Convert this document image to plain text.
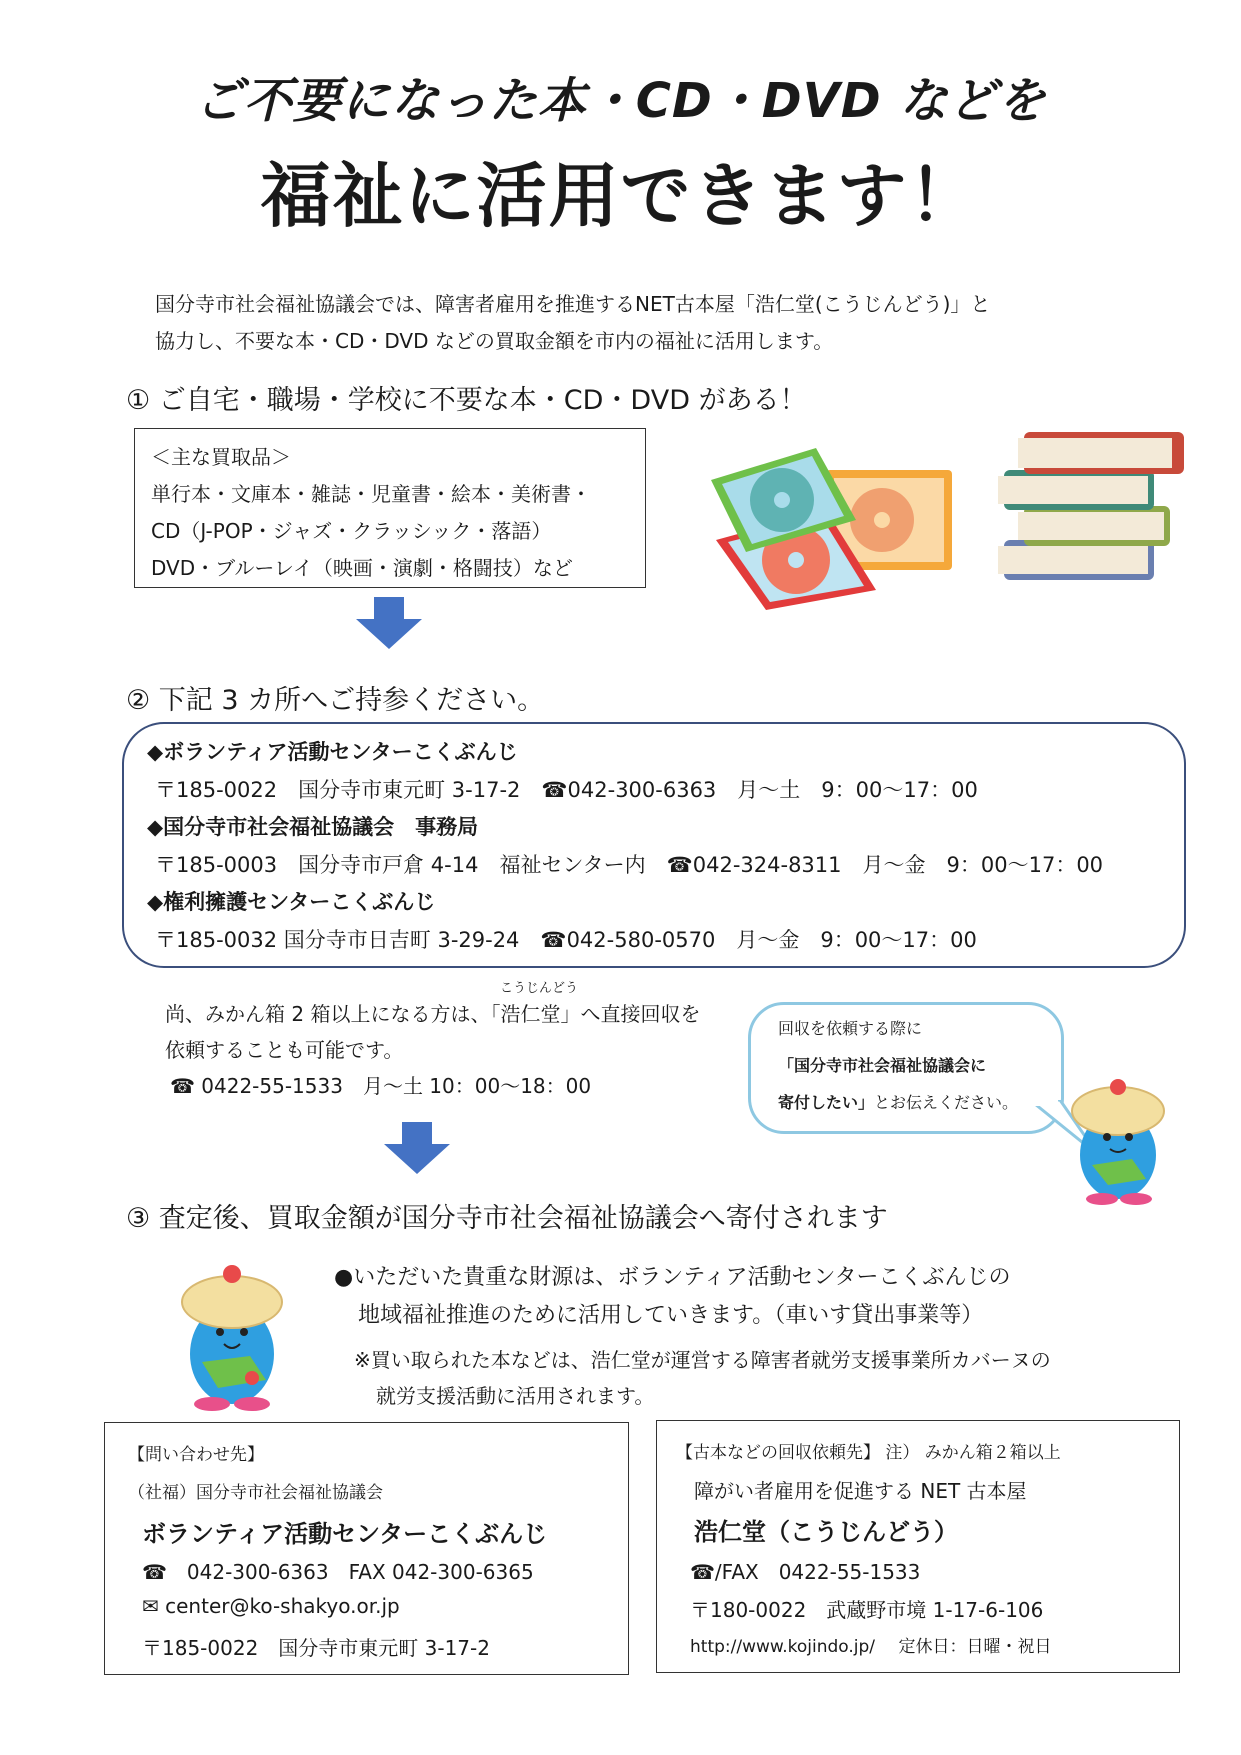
ご不要になった本・CD・DVD などを
福祉に活用できます！
国分寺市社会福祉協議会では、障害者雇用を推進するNET古本屋「浩仁堂(こうじんどう)」と
協力し、不要な本・CD・DVD などの買取金額を市内の福祉に活用します。
① ご自宅・職場・学校に不要な本・CD・DVD がある！
＜主な買取品＞
単行本・文庫本・雑誌・児童書・絵本・美術書・
CD（J-POP・ジャズ・クラッシック・落語）
DVD・ブルーレイ（映画・演劇・格闘技）など
② 下記 3 カ所へご持参ください。
◆ボランティア活動センターこくぶんじ
〒185-0022　国分寺市東元町 3-17-2　☎042-300-6363　月～土　9：00～17：00
◆国分寺市社会福祉協議会　事務局
〒185-0003　国分寺市戸倉 4-14　福祉センター内　☎042-324-8311　月～金　9：00～17：00
◆権利擁護センターこくぶんじ
〒185-0032 国分寺市日吉町 3-29-24　☎042-580-0570　月～金　9：00～17：00
こうじんどう
尚、みかん箱 2 箱以上になる方は、「浩仁堂」へ直接回収を
依頼することも可能です。
☎ 0422-55-1533　月～土 10：00～18：00
回収を依頼する際に
「国分寺市社会福祉協議会に
寄付したい」とお伝えください。
③ 査定後、買取金額が国分寺市社会福祉協議会へ寄付されます
●いただいた貴重な財源は、ボランティア活動センターこくぶんじの
地域福祉推進のために活用していきます。（車いす貸出事業等）
※買い取られた本などは、浩仁堂が運営する障害者就労支援事業所カバーヌの
就労支援活動に活用されます。
【問い合わせ先】
（社福）国分寺市社会福祉協議会
ボランティア活動センターこくぶんじ
☎　042-300-6363　FAX 042-300-6365
✉ center@ko-shakyo.or.jp
〒185-0022　国分寺市東元町 3-17-2
【古本などの回収依頼先】 注） みかん箱２箱以上
障がい者雇用を促進する NET 古本屋
浩仁堂（こうじんどう）
☎/FAX　0422-55-1533
〒180-0022　武蔵野市境 1-17-6-106
http://www.kojindo.jp/ 定休日：日曜・祝日
